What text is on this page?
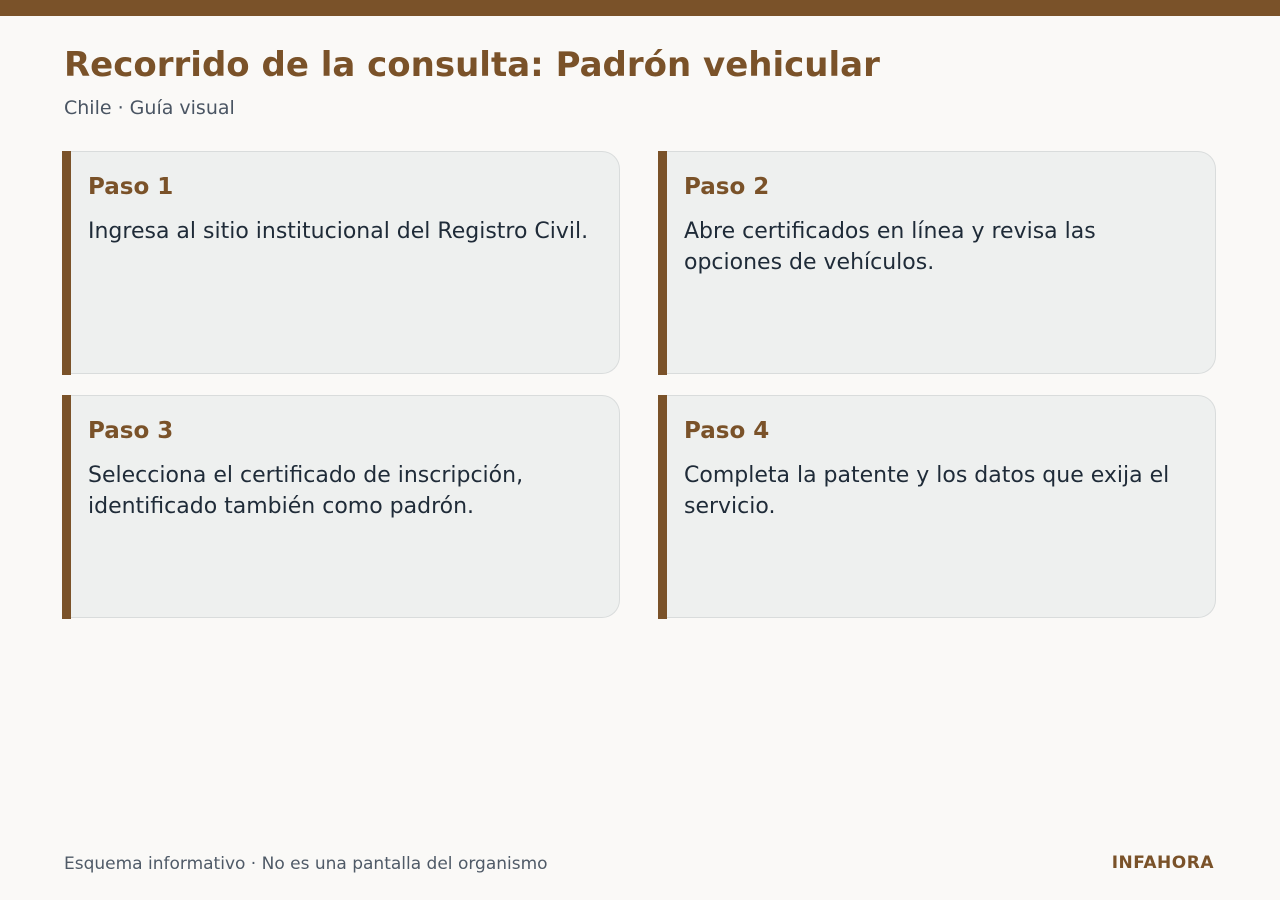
Recorrido de la consulta: Padrón vehicular
Chile · Guía visual
Paso 1
Ingresa al sitio institucional del Registro Civil.
Paso 2
Abre certificados en línea y revisa las opciones de vehículos.
Paso 3
Selecciona el certificado de inscripción, identificado también como padrón.
Paso 4
Completa la patente y los datos que exija el servicio.
Esquema informativo · No es una pantalla del organismo	INFAHORA
